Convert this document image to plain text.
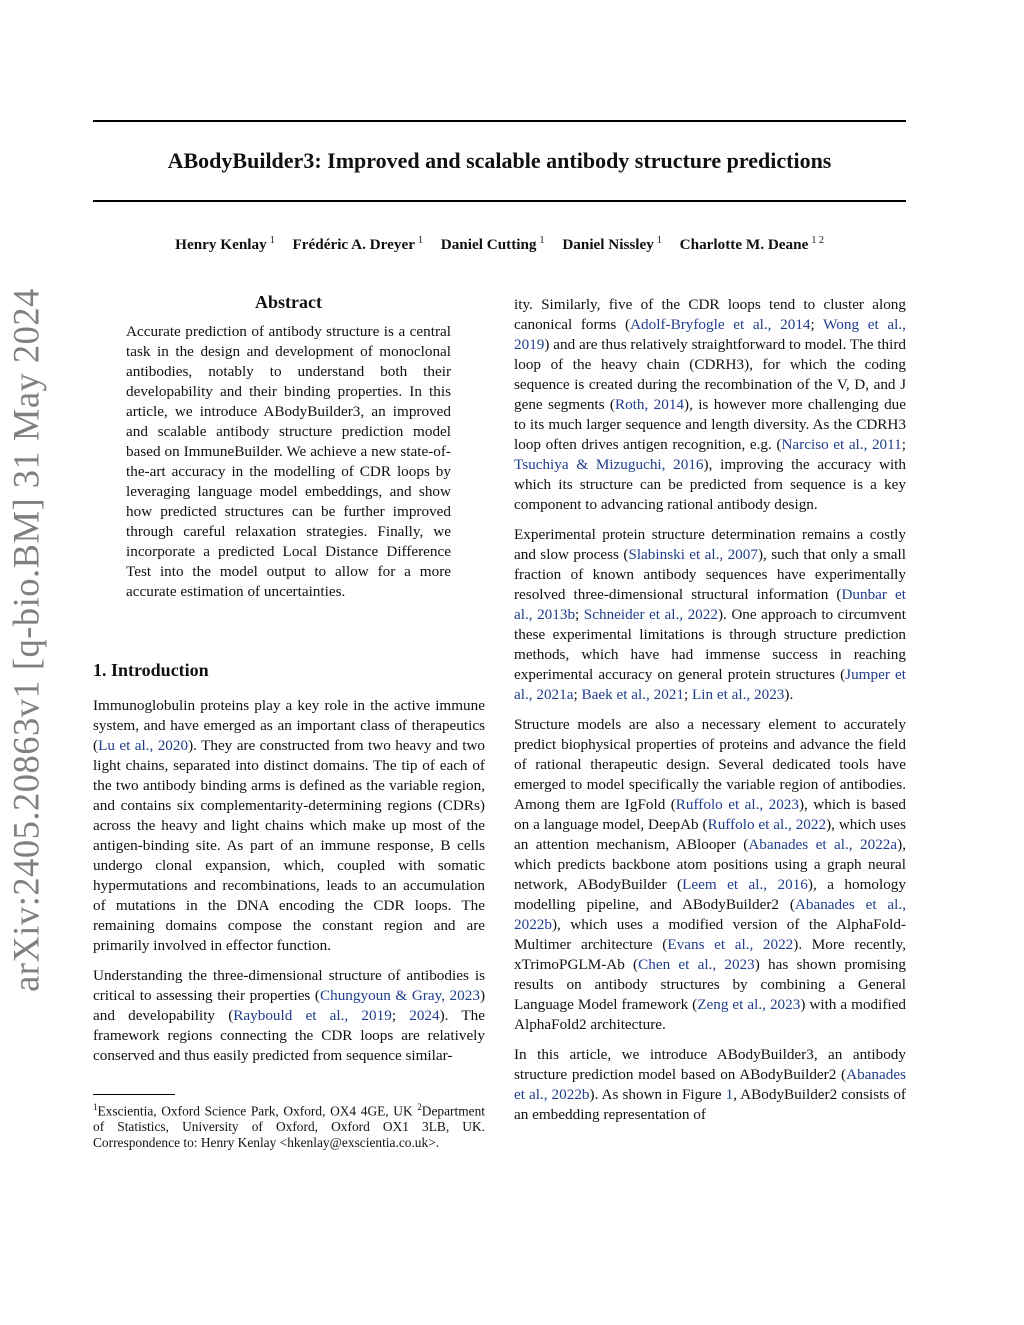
arXiv:2405.20863v1 [q-bio.BM] 31 May 2024
ABodyBuilder3: Improved and scalable antibody structure predictions
Henry Kenlay $^1$ Frédéric A. Dreyer $^1$ Daniel Cutting $^1$ Daniel Nissley $^1$ Charlotte M. Deane $^{1 2}$
Abstract

Accurate prediction of antibody structure is a central task in the design and development of monoclonal antibodies, notably to understand both their developability and their binding properties. In this article, we introduce ABodyBuilder3, an improved and scalable antibody structure prediction model based on ImmuneBuilder. We achieve a new state-of-the-art accuracy in the modelling of CDR loops by leveraging language model embeddings, and show how predicted structures can be further improved through careful relaxation strategies. Finally, we incorporate a predicted Local Distance Difference Test into the model output to allow for a more accurate estimation of uncertainties.

1. Introduction

Immunoglobulin proteins play a key role in the active immune system, and have emerged as an important class of therapeutics (Lu et al., 2020). They are constructed from two heavy and two light chains, separated into distinct domains. The tip of each of the two antibody binding arms is defined as the variable region, and contains six complementarity-determining regions (CDRs) across the heavy and light chains which make up most of the antigen-binding site. As part of an immune response, B cells undergo clonal expansion, which, coupled with somatic hypermutations and recombinations, leads to an accumulation of mutations in the DNA encoding the CDR loops. The remaining domains compose the constant region and are primarily involved in effector function.

Understanding the three-dimensional structure of antibodies is critical to assessing their properties (Chungyoun & Gray, 2023) and developability (Raybould et al., 2019; 2024). The framework regions connecting the CDR loops are relatively conserved and thus easily predicted from sequence similar-

$^1$Exscientia, Oxford Science Park, Oxford, OX4 4GE, UK $^2$Department of Statistics, University of Oxford, Oxford OX1 3LB, UK. Correspondence to: Henry Kenlay <hkenlay@exscientia.co.uk>.

ity. Similarly, five of the CDR loops tend to cluster along canonical forms (Adolf-Bryfogle et al., 2014; Wong et al., 2019) and are thus relatively straightforward to model. The third loop of the heavy chain (CDRH3), for which the coding sequence is created during the recombination of the V, D, and J gene segments (Roth, 2014), is however more challenging due to its much larger sequence and length diversity. As the CDRH3 loop often drives antigen recognition, e.g. (Narciso et al., 2011; Tsuchiya & Mizuguchi, 2016), improving the accuracy with which its structure can be predicted from sequence is a key component to advancing rational antibody design.

Experimental protein structure determination remains a costly and slow process (Slabinski et al., 2007), such that only a small fraction of known antibody sequences have experimentally resolved three-dimensional structural information (Dunbar et al., 2013b; Schneider et al., 2022). One approach to circumvent these experimental limitations is through structure prediction methods, which have had immense success in reaching experimental accuracy on general protein structures (Jumper et al., 2021a; Baek et al., 2021; Lin et al., 2023).

Structure models are also a necessary element to accurately predict biophysical properties of proteins and advance the field of rational therapeutic design. Several dedicated tools have emerged to model specifically the variable region of antibodies. Among them are IgFold (Ruffolo et al., 2023), which is based on a language model, DeepAb (Ruffolo et al., 2022), which uses an attention mechanism, ABlooper (Abanades et al., 2022a), which predicts backbone atom positions using a graph neural network, ABodyBuilder (Leem et al., 2016), a homology modelling pipeline, and ABodyBuilder2 (Abanades et al., 2022b), which uses a modified version of the AlphaFold-Multimer architecture (Evans et al., 2022). More recently, xTrimoPGLM-Ab (Chen et al., 2023) has shown promising results on antibody structures by combining a General Language Model framework (Zeng et al., 2023) with a modified AlphaFold2 architecture.

In this article, we introduce ABodyBuilder3, an antibody structure prediction model based on ABodyBuilder2 (Abanades et al., 2022b). As shown in Figure 1, ABodyBuilder2 consists of an embedding representation of
